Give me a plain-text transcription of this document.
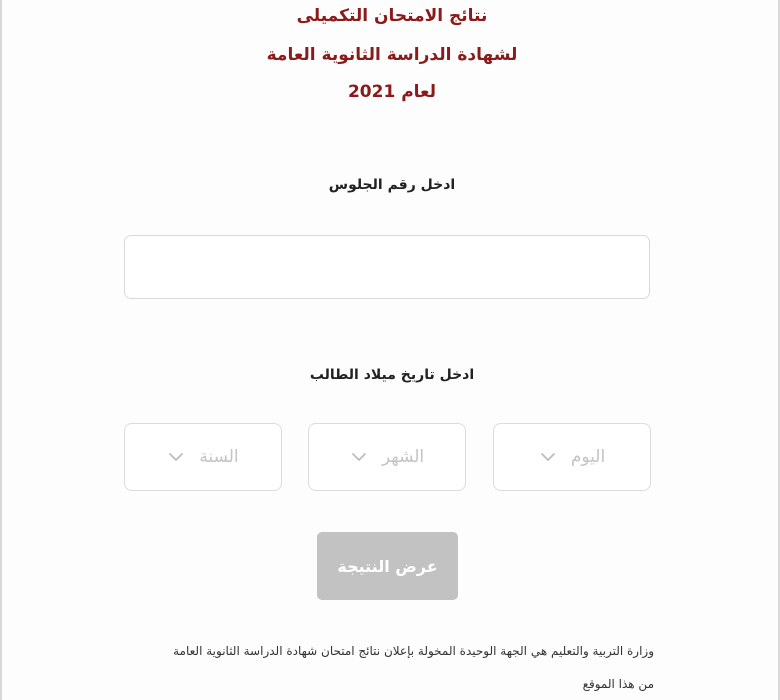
نتائج الامتحان التكميلى
لشهادة الدراسة الثانوية العامة
لعام 2021
ادخل رقم الجلوس
ادخل تاريخ ميلاد الطالب
اليوم
الشهر
السنة
عرض النتيجة
وزارة التربية والتعليم هي الجهة الوحيدة المخولة بإعلان نتائج امتحان شهادة الدراسة الثانوية العامة
من هذا الموقع
